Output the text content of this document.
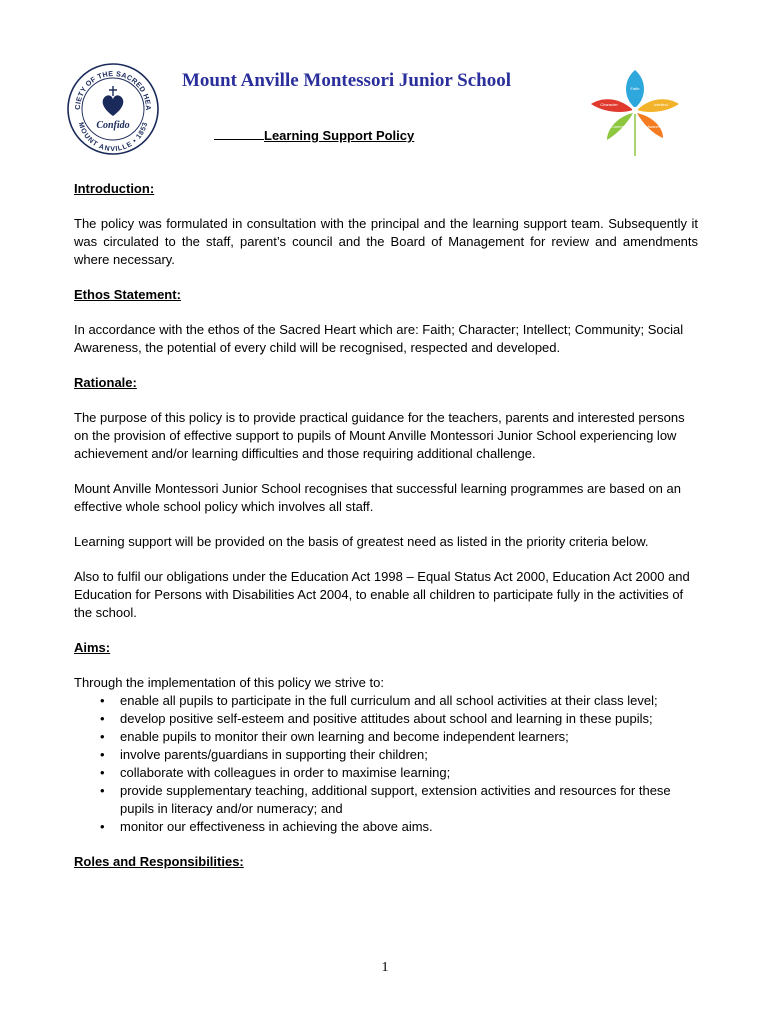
CIETY OF THE SACRED HEA
MOUNT ANVILLE • 1853
Confido
Mount Anville Montessori Junior School	Faith
Character	Intellect
Community Social Awareness
Learning Support Policy

Introduction:

The policy was formulated in consultation with the principal and the learning support team. Subsequently it was circulated to the staff, parent’s council and the Board of Management for review and amendments where necessary.

Ethos Statement:

In accordance with the ethos of the Sacred Heart which are: Faith; Character; Intellect; Community; Social Awareness, the potential of every child will be recognised, respected and developed.

Rationale:

The purpose of this policy is to provide practical guidance for the teachers, parents and interested persons on the provision of effective support to pupils of Mount Anville Montessori Junior School experiencing low achievement and/or learning difficulties and those requiring additional challenge.

Mount Anville Montessori Junior School recognises that successful learning programmes are based on an effective whole school policy which involves all staff.

Learning support will be provided on the basis of greatest need as listed in the priority criteria below.

Also to fulfil our obligations under the Education Act 1998 – Equal Status Act 2000, Education Act 2000 and Education for Persons with Disabilities Act 2004, to enable all children to participate fully in the activities of the school.

Aims:

Through the implementation of this policy we strive to:

• enable all pupils to participate in the full curriculum and all school activities at their class level;
• develop positive self-esteem and positive attitudes about school and learning in these pupils;
• enable pupils to monitor their own learning and become independent learners;
• involve parents/guardians in supporting their children;
• collaborate with colleagues in order to maximise learning;
• provide supplementary teaching, additional support, extension activities and resources for these pupils in literacy and/or numeracy; and
• monitor our effectiveness in achieving the above aims.

Roles and Responsibilities:

1
